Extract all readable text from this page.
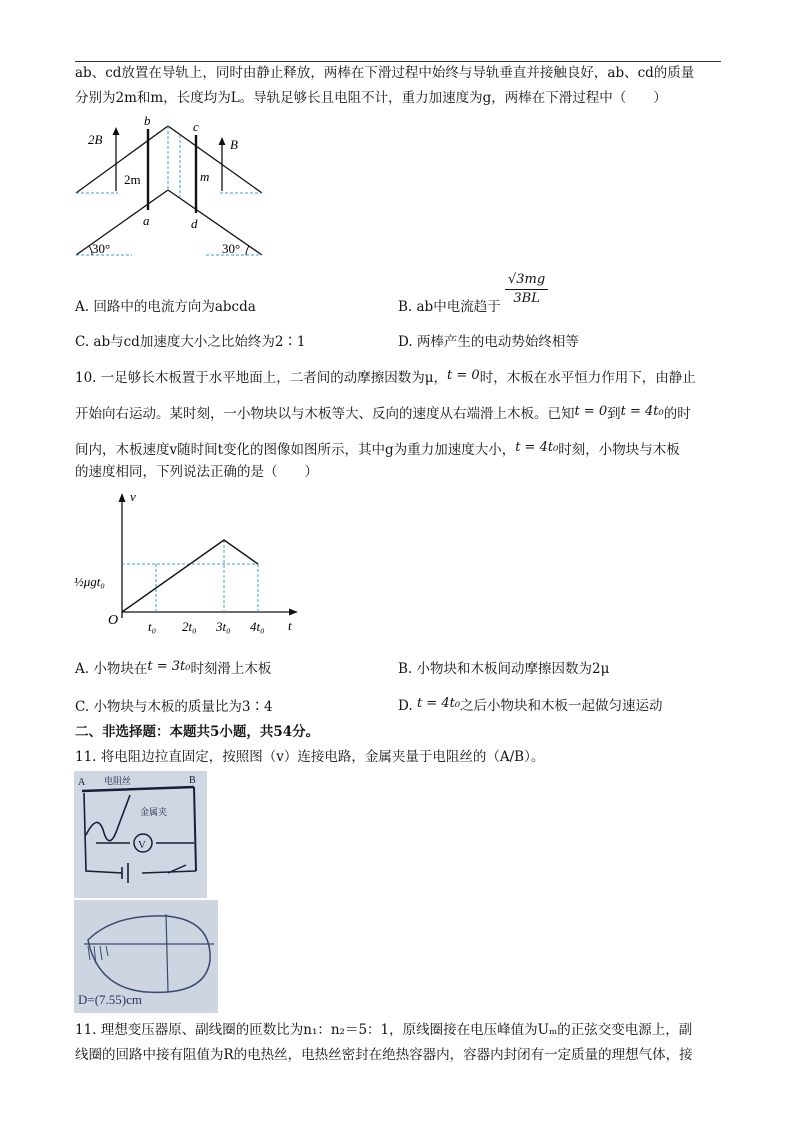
ab、cd放置在导轨上，同时由静止释放，两棒在下滑过程中始终与导轨垂直并接触良好，ab、cd的质量
分别为2m和m，长度均为L。导轨足够长且电阻不计，重力加速度为g，两棒在下滑过程中（　　）
2B	B
b	c
a	d
2m	m
30°	30°
A. 回路中的电流方向为abcda	B. ab中电流趋于 $\frac{√3mg}{3BL}$
C. ab与cd加速度大小之比始终为2∶1	D. 两棒产生的电动势始终相等
10. 一足够长木板置于水平地面上，二者间的动摩擦因数为μ，t = 0时，木板在水平恒力作用下，由静止
开始向右运动。某时刻，一小物块以与木板等大、反向的速度从右端滑上木板。已知t = 0到t = 4t₀的时
间内，木板速度v随时间t变化的图像如图所示，其中g为重力加速度大小，t = 4t₀时刻，小物块与木板
的速度相同，下列说法正确的是（　　）
t₀ 2t₀ 3t₀ 4t₀
v
t
O
½μgt₀
A. 小物块在t = 3t₀时刻滑上木板	B. 小物块和木板间动摩擦因数为2μ
C. 小物块与木板的质量比为3∶4	D. t = 4t₀之后小物块和木板一起做匀速运动
二、非选择题：本题共5小题，共54分。
11. 将电阻边拉直固定，按照图（v）连接电路，金属夹量于电阻丝的（A/B）。
V
A 电阻丝	B
金属夹
D=(7.55)cm
11. 理想变压器原、副线圈的匝数比为n₁：n₂＝5：1，原线圈接在电压峰值为Uₘ的正弦交变电源上，副
线圈的回路中接有阻值为R的电热丝，电热丝密封在绝热容器内，容器内封闭有一定质量的理想气体，接
